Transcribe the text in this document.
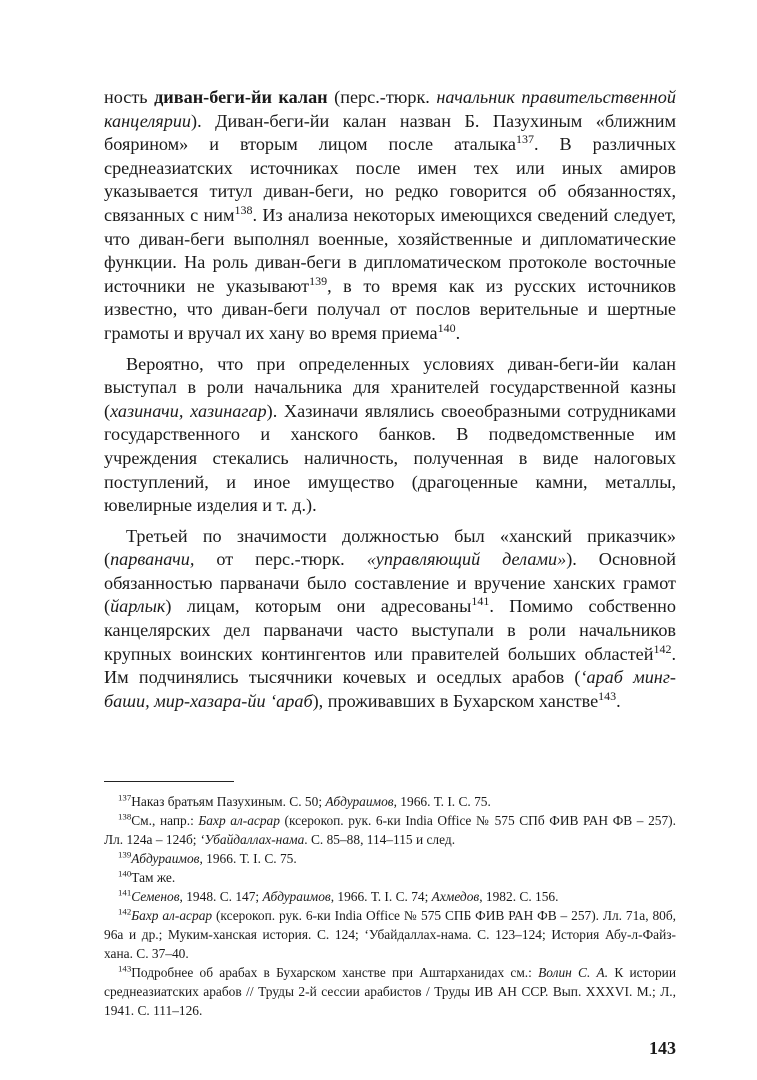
ность диван-беги-йи калан (перс.-тюрк. начальник правительственной канцелярии). Диван-беги-йи калан назван Б. Пазухиным «ближним боярином» и вторым лицом после аталыка$^{137}$. В различных среднеазиатских источниках после имен тех или иных амиров указывается титул диван-беги, но редко говорится об обязанностях, связанных с ним$^{138}$. Из анализа некоторых имеющихся сведений следует, что диван-беги выполнял военные, хозяйственные и дипломатические функции. На роль диван-беги в дипломатическом протоколе восточные источники не указывают$^{139}$, в то время как из русских источников известно, что диван-беги получал от послов верительные и шертные грамоты и вручал их хану во время приема$^{140}$.

Вероятно, что при определенных условиях диван-беги-йи калан выступал в роли начальника для хранителей государственной казны (хазиначи, хазинагар). Хазиначи являлись своеобразными сотрудниками государственного и ханского банков. В подведомственные им учреждения стекались наличность, полученная в виде налоговых поступлений, и иное имущество (драгоценные камни, металлы, ювелирные изделия и т. д.).

Третьей по значимости должностью был «ханский приказчик» (парваначи, от перс.-тюрк. «управляющий делами»). Основной обязанностью парваначи было составление и вручение ханских грамот (йарлык) лицам, которым они адресованы$^{141}$. Помимо собственно канцелярских дел парваначи часто выступали в роли начальников крупных воинских контингентов или правителей больших областей$^{142}$. Им подчинялись тысячники кочевых и оседлых арабов (‘араб минг-баши, мир-хазара-йи ‘араб), проживавших в Бухарском ханстве$^{143}$.

$^{137}$Наказ братьям Пазухиным. С. 50; Абдураимов, 1966. Т. I. С. 75.

$^{138}$См., напр.: Бахр ал-асрар (ксерокоп. рук. 6-ки India Office № 575 СПб ФИВ РАН ФВ – 257). Лл. 124а – 124б; ‘Убайдаллах-нама. С. 85–88, 114–115 и след.

$^{139}$Абдураимов, 1966. Т. I. С. 75.

$^{140}$Там же.

$^{141}$Семенов, 1948. С. 147; Абдураимов, 1966. Т. I. С. 74; Ахмедов, 1982. С. 156.

$^{142}$Бахр ал-асрар (ксерокоп. рук. 6-ки India Office № 575 СПБ ФИВ РАН ФВ – 257). Лл. 71а, 80б, 96а и др.; Муким-ханская история. С. 124; ‘Убайдаллах-нама. С. 123–124; История Абу-л-Файз-хана. С. 37–40.

$^{143}$Подробнее об арабах в Бухарском ханстве при Аштарханидах см.: Волин С. А. К истории среднеазиатских арабов // Труды 2-й сессии арабистов / Труды ИВ АН ССР. Вып. XXXVI. М.; Л., 1941. С. 111–126.

143
